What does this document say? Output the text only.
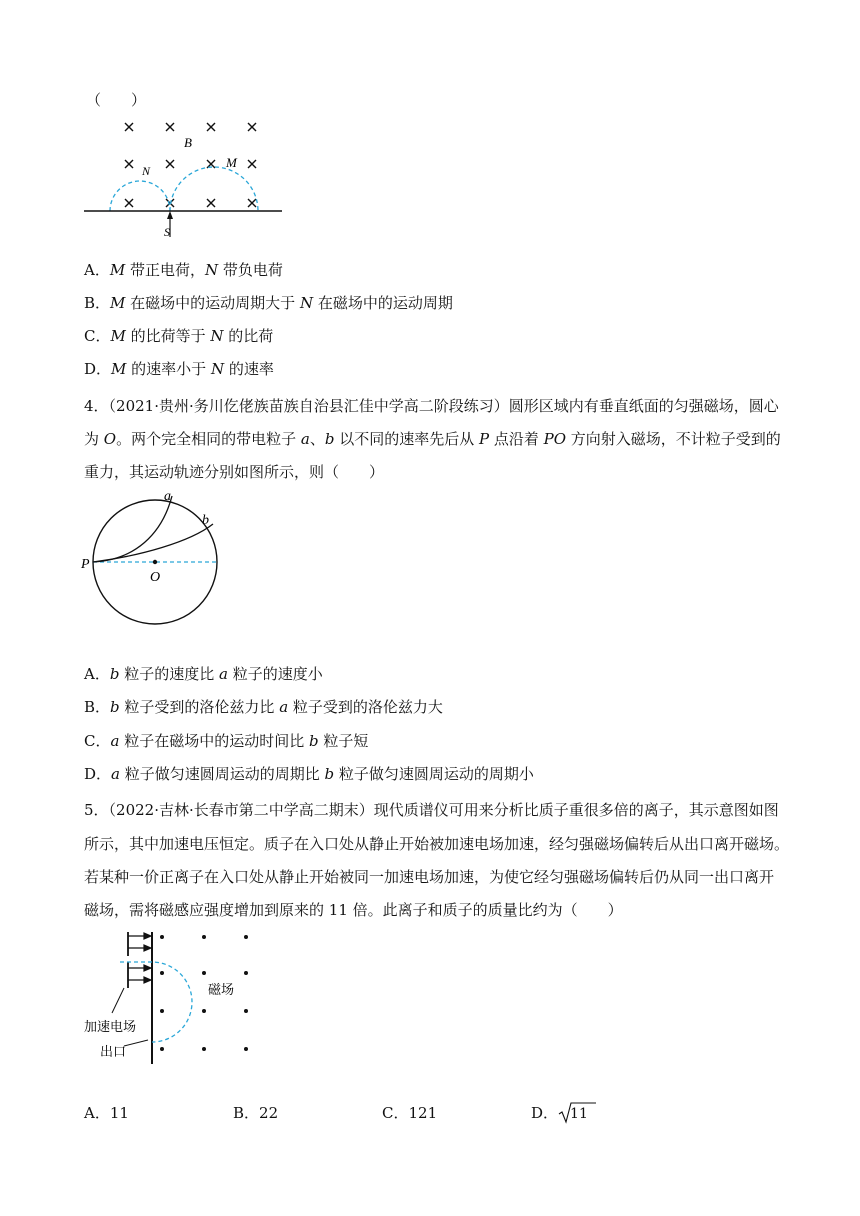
（　　）
B
N
M
S
A．M 带正电荷，N 带负电荷
B．M 在磁场中的运动周期大于 N 在磁场中的运动周期
C．M 的比荷等于 N 的比荷
D．M 的速率小于 N 的速率
4．（2021·贵州·务川仡佬族苗族自治县汇佳中学高二阶段练习）圆形区域内有垂直纸面的匀强磁场，圆心
为 O。两个完全相同的带电粒子 a、b 以不同的速率先后从 P 点沿着 PO 方向射入磁场，不计粒子受到的
重力，其运动轨迹分别如图所示，则（　　）
a
b
P
O
A．b 粒子的速度比 a 粒子的速度小
B．b 粒子受到的洛伦兹力比 a 粒子受到的洛伦兹力大
C．a 粒子在磁场中的运动时间比 b 粒子短
D．a 粒子做匀速圆周运动的周期比 b 粒子做匀速圆周运动的周期小
5．（2022·吉林·长春市第二中学高二期末）现代质谱仪可用来分析比质子重很多倍的离子，其示意图如图
所示，其中加速电压恒定。质子在入口处从静止开始被加速电场加速，经匀强磁场偏转后从出口离开磁场。
若某种一价正离子在入口处从静止开始被同一加速电场加速，为使它经匀强磁场偏转后仍从同一出口离开
磁场，需将磁感应强度增加到原来的 11 倍。此离子和质子的质量比约为（　　）
磁场
加速电场
出口
A．11	B．22	C．121	D． 11
